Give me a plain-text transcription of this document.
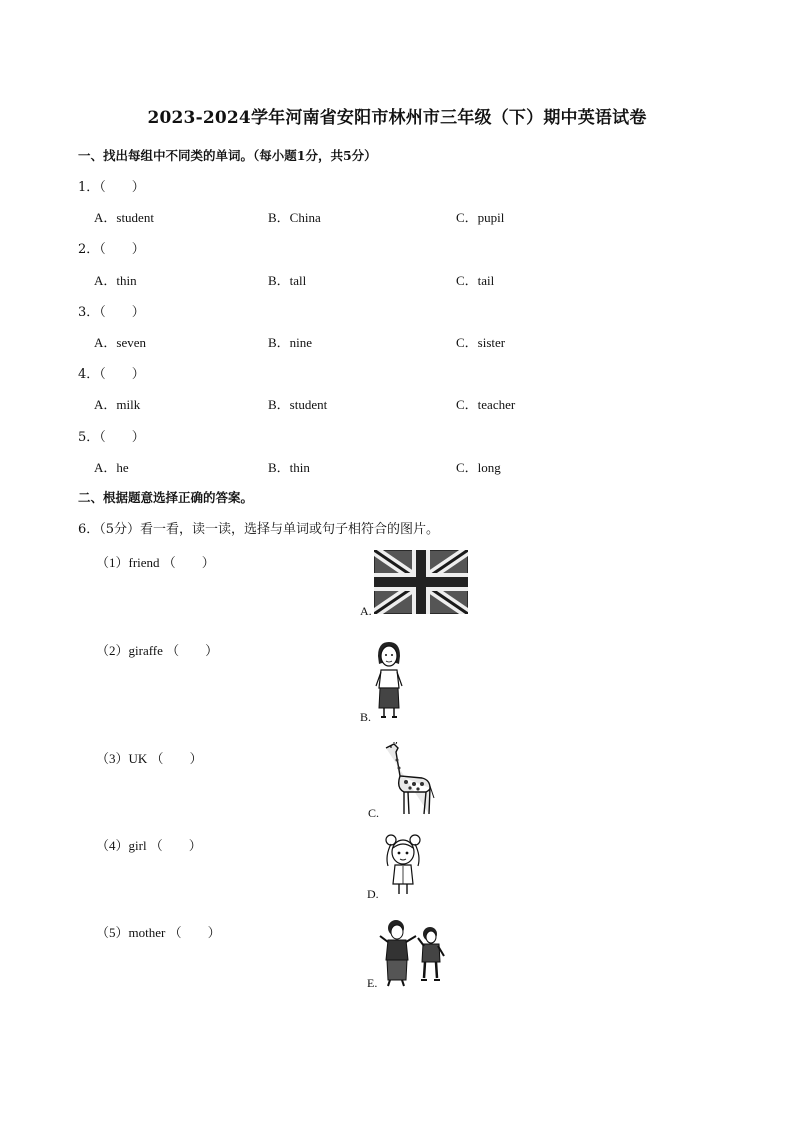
2023-2024学年河南省安阳市林州市三年级（下）期中英语试卷
一、找出每组中不同类的单词。（每小题1分，共5分）
1．（　　）
A．student	B．China	C．pupil
2．（　　）
A．thin	B．tall	C．tail
3．（　　）
A．seven	B．nine	C．sister
4．（　　）
A．milk	B．student	C．teacher
5．（　　）
A．he	B．thin	C．long
二、根据题意选择正确的答案。
6．（5分）看一看，读一读，选择与单词或句子相符合的图片。
（1）friend （　　）
（2）giraffe （　　）
（3）UK （　　）
（4）girl （　　）
（5）mother （　　）
A.
B.
C.
D.
E.
